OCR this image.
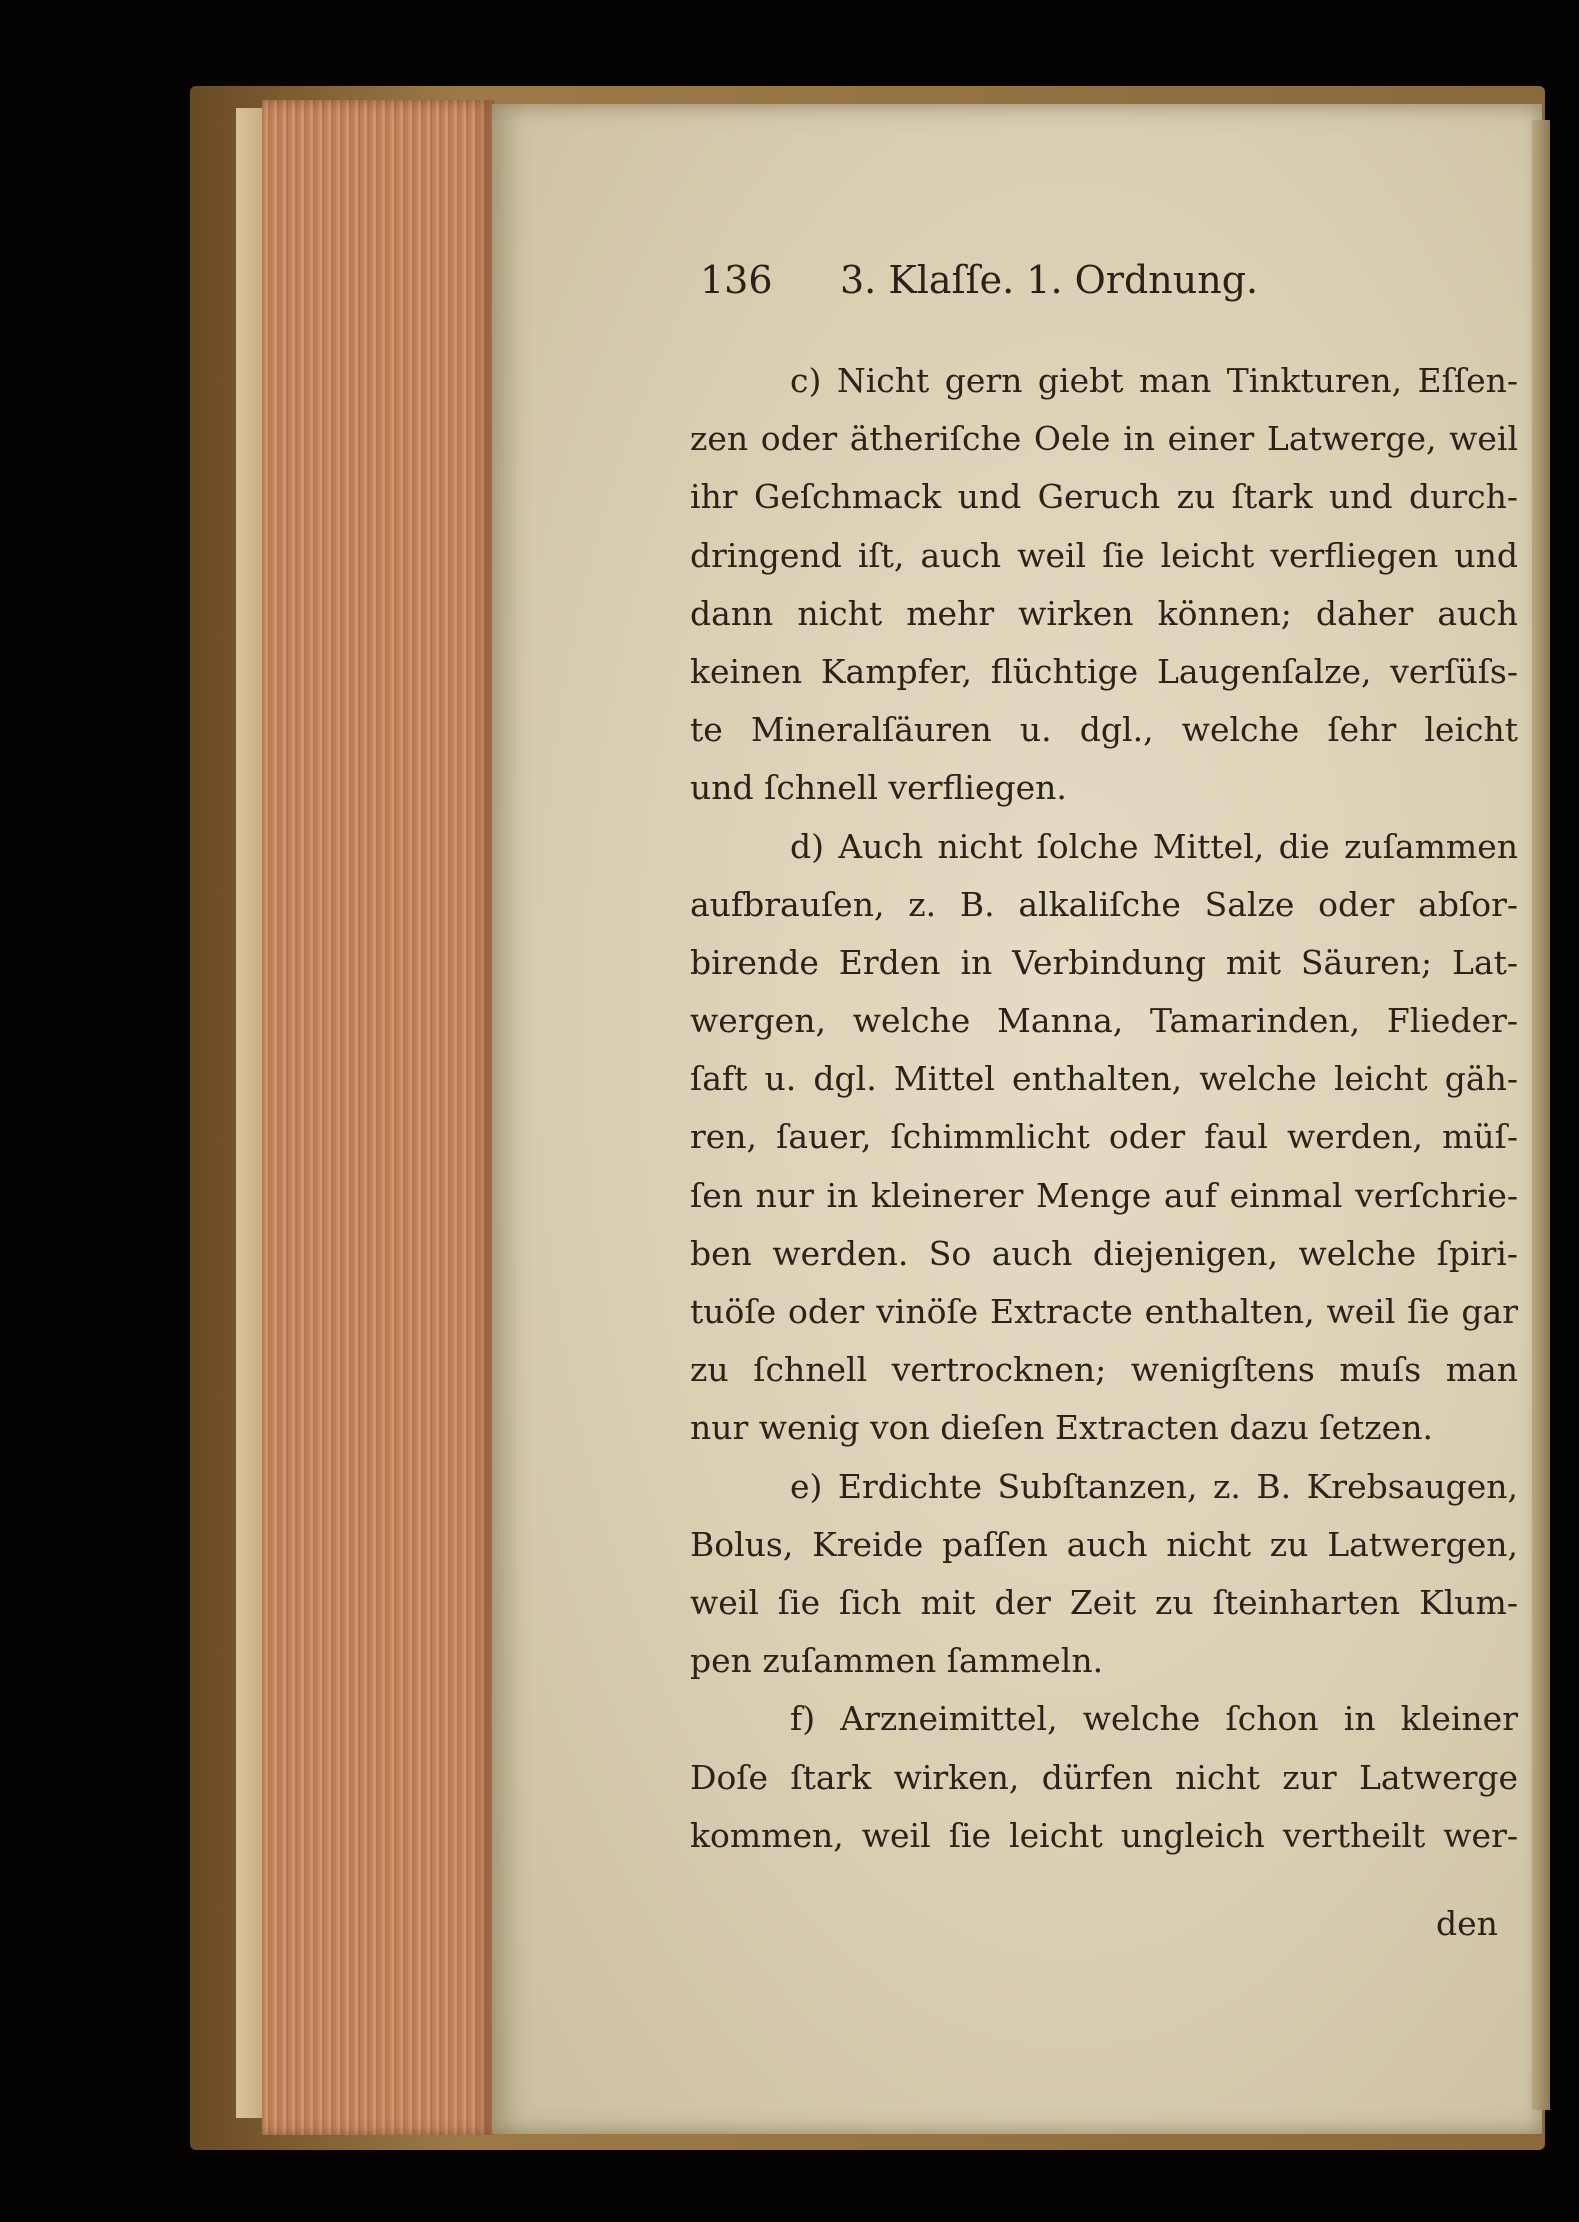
136 3. Klaſſe. 1. Ordnung.
c) Nicht gern giebt man Tinkturen, Eſſen-
zen oder ätheriſche Oele in einer Latwerge, weil
ihr Geſchmack und Geruch zu ſtark und durch-
dringend iſt, auch weil ſie leicht verfliegen und
dann nicht mehr wirken können; daher auch
keinen Kampfer, flüchtige Laugenſalze, verſüſs-
te Mineralſäuren u. dgl., welche ſehr leicht
und ſchnell verfliegen.
d) Auch nicht ſolche Mittel, die zuſammen
aufbrauſen, z. B. alkaliſche Salze oder abſor-
birende Erden in Verbindung mit Säuren; Lat-
wergen, welche Manna, Tamarinden, Flieder-
ſaft u. dgl. Mittel enthalten, welche leicht gäh-
ren, ſauer, ſchimmlicht oder faul werden, müſ-
ſen nur in kleinerer Menge auf einmal verſchrie-
ben werden. So auch diejenigen, welche ſpiri-
tuöſe oder vinöſe Extracte enthalten, weil ſie gar
zu ſchnell vertrocknen; wenigſtens muſs man
nur wenig von dieſen Extracten dazu ſetzen.
e) Erdichte Subſtanzen, z. B. Krebsaugen,
Bolus, Kreide paſſen auch nicht zu Latwergen,
weil ſie ſich mit der Zeit zu ſteinharten Klum-
pen zuſammen ſammeln.
f) Arzneimittel, welche ſchon in kleiner
Doſe ſtark wirken, dürfen nicht zur Latwerge
kommen, weil ſie leicht ungleich vertheilt wer-
den
